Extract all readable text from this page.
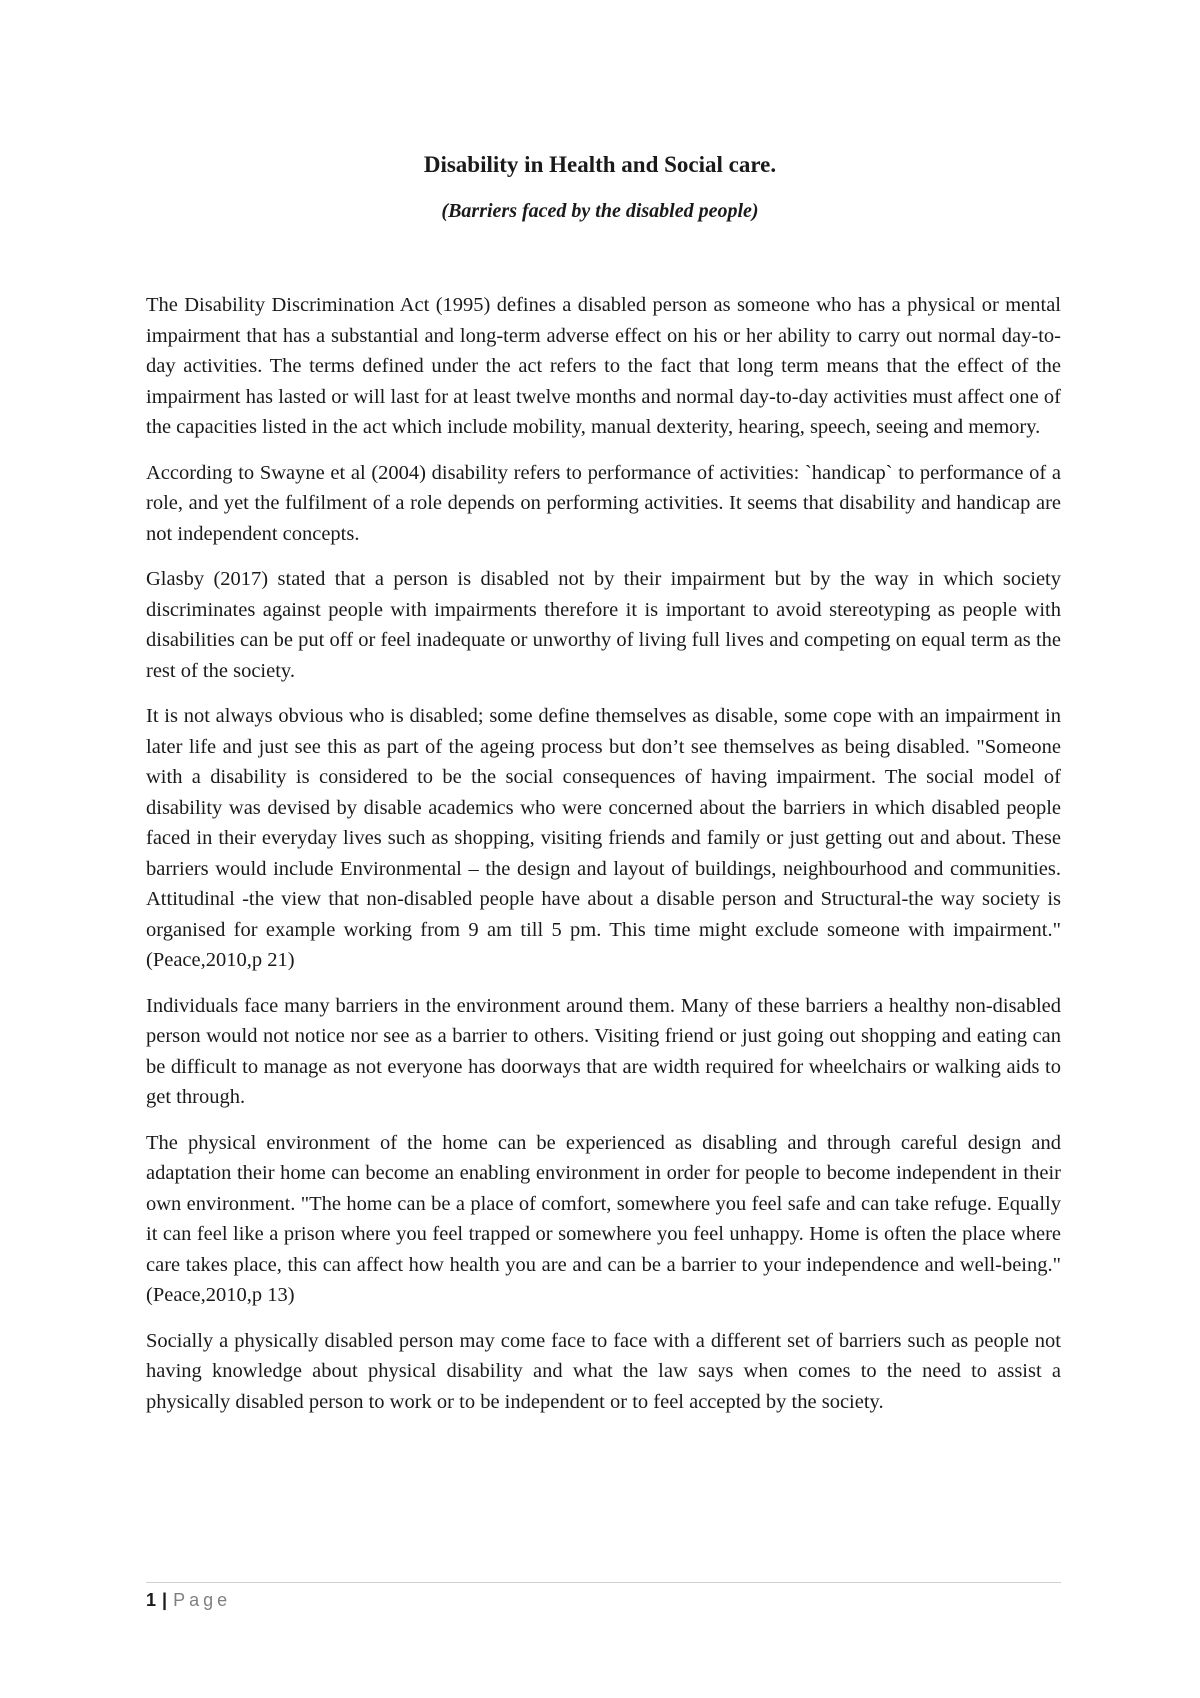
Disability in Health and Social care.
(Barriers faced by the disabled people)

The Disability Discrimination Act (1995) defines a disabled person as someone who has a physical or mental impairment that has a substantial and long-term adverse effect on his or her ability to carry out normal day-to-day activities. The terms defined under the act refers to the fact that long term means that the effect of the impairment has lasted or will last for at least twelve months and normal day-to-day activities must affect one of the capacities listed in the act which include mobility, manual dexterity, hearing, speech, seeing and memory.

According to Swayne et al (2004) disability refers to performance of activities: `handicap` to performance of a role, and yet the fulfilment of a role depends on performing activities. It seems that disability and handicap are not independent concepts.

Glasby (2017) stated that a person is disabled not by their impairment but by the way in which society discriminates against people with impairments therefore it is important to avoid stereotyping as people with disabilities can be put off or feel inadequate or unworthy of living full lives and competing on equal term as the rest of the society.

It is not always obvious who is disabled; some define themselves as disable, some cope with an impairment in later life and just see this as part of the ageing process but don’t see themselves as being disabled. "Someone with a disability is considered to be the social consequences of having impairment. The social model of disability was devised by disable academics who were concerned about the barriers in which disabled people faced in their everyday lives such as shopping, visiting friends and family or just getting out and about. These barriers would include Environmental – the design and layout of buildings, neighbourhood and communities. Attitudinal -the view that non-disabled people have about a disable person and Structural-the way society is organised for example working from 9 am till 5 pm. This time might exclude someone with impairment." (Peace,2010,p 21)

Individuals face many barriers in the environment around them. Many of these barriers a healthy non-disabled person would not notice nor see as a barrier to others. Visiting friend or just going out shopping and eating can be difficult to manage as not everyone has doorways that are width required for wheelchairs or walking aids to get through.

The physical environment of the home can be experienced as disabling and through careful design and adaptation their home can become an enabling environment in order for people to become independent in their own environment. "The home can be a place of comfort, somewhere you feel safe and can take refuge. Equally it can feel like a prison where you feel trapped or somewhere you feel unhappy. Home is often the place where care takes place, this can affect how health you are and can be a barrier to your independence and well-being."(Peace,2010,p 13)

Socially a physically disabled person may come face to face with a different set of barriers such as people not having knowledge about physical disability and what the law says when comes to the need to assist a physically disabled person to work or to be independent or to feel accepted by the society.

1 | Page
